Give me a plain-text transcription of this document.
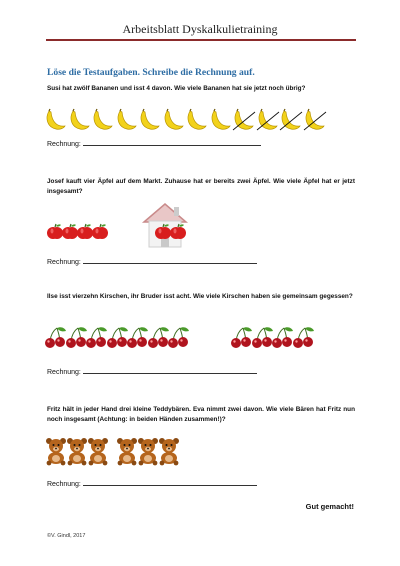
Arbeitsblatt Dyskalkulietraining
Löse die Testaufgaben. Schreibe die Rechnung auf.
Susi hat zwölf Bananen und isst 4 davon. Wie viele Bananen hat sie jetzt noch übrig?
Rechnung:
Josef kauft vier Äpfel auf dem Markt. Zuhause hat er bereits zwei Äpfel. Wie viele Äpfel hat er jetzt insgesamt?
Rechnung:
Ilse isst vierzehn Kirschen, ihr Bruder isst acht. Wie viele Kirschen haben sie gemeinsam gegessen?
Rechnung:
Fritz hält in jeder Hand drei kleine Teddybären. Eva nimmt zwei davon. Wie viele Bären hat Fritz nun noch insgesamt (Achtung: in beiden Händen zusammen!)?
Rechnung:
Gut gemacht!
©V. Gindl, 2017
